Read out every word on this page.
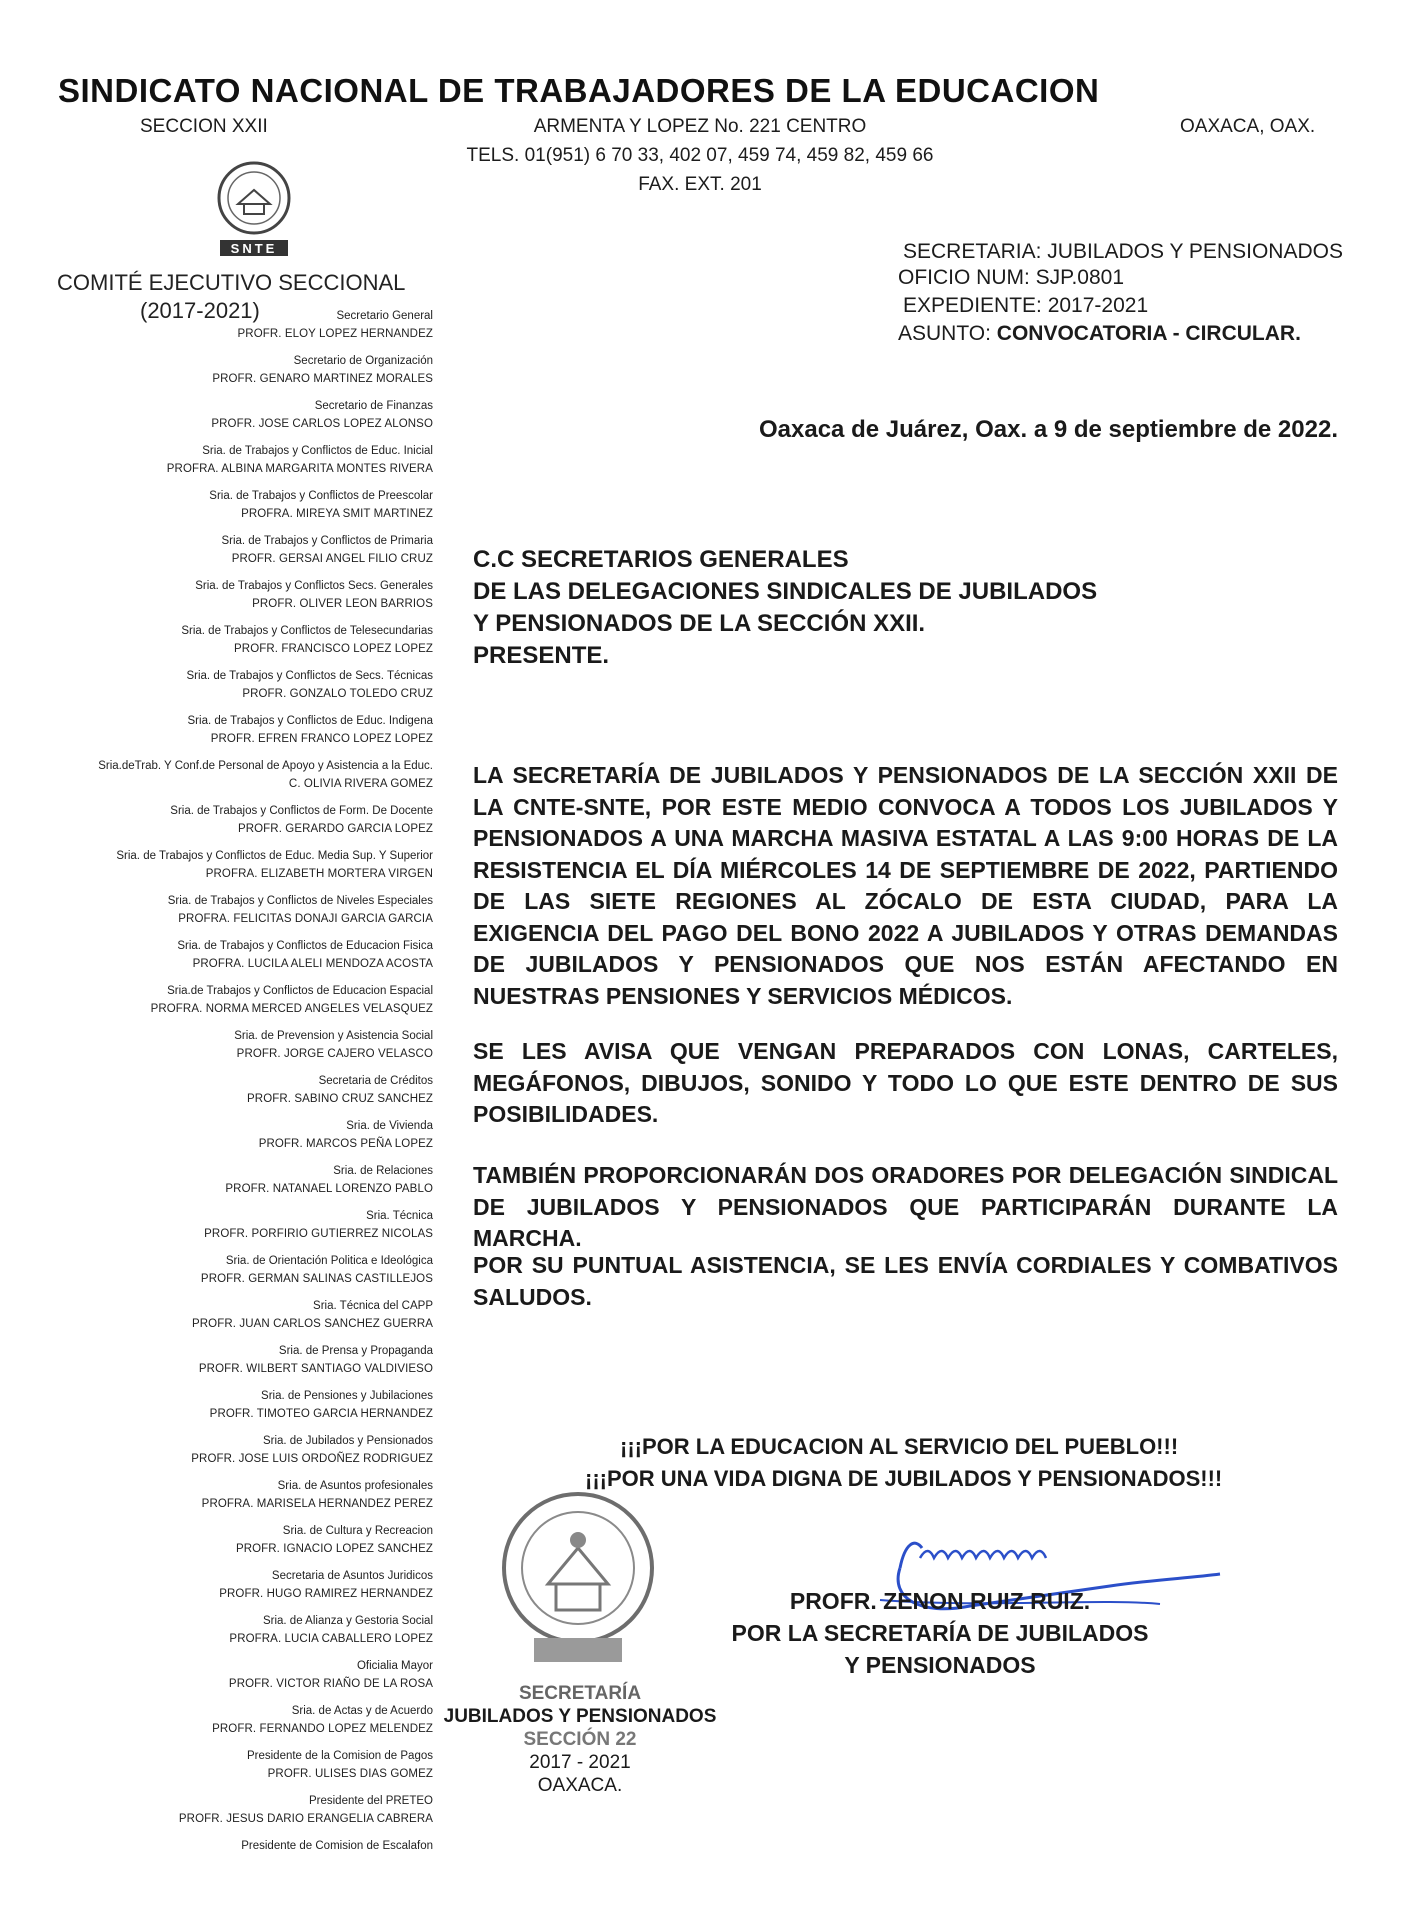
SINDICATO NACIONAL DE TRABAJADORES DE LA EDUCACION
SECCION XXII	ARMENTA Y LOPEZ No. 221 CENTRO
TELS. 01(951) 6 70 33, 402 07, 459 74, 459 82, 459 66
FAX. EXT. 201
OAXACA, OAX.
SNTE
COMITÉ EJECUTIVO SECCIONAL
(2017-2021)	Secretario General
PROFR. ELOY LOPEZ HERNANDEZ
Secretario de Organización
PROFR. GENARO MARTINEZ MORALES
Secretario de Finanzas
PROFR. JOSE CARLOS LOPEZ ALONSO
Sria. de Trabajos y Conflictos de Educ. Inicial
PROFRA. ALBINA MARGARITA MONTES RIVERA
Sria. de Trabajos y Conflictos de Preescolar
PROFRA. MIREYA SMIT MARTINEZ
Sria. de Trabajos y Conflictos de Primaria
PROFR. GERSAI ANGEL FILIO CRUZ
Sria. de Trabajos y Conflictos Secs. Generales
PROFR. OLIVER LEON BARRIOS
Sria. de Trabajos y Conflictos de Telesecundarias
PROFR. FRANCISCO LOPEZ LOPEZ
Sria. de Trabajos y Conflictos de Secs. Técnicas
PROFR. GONZALO TOLEDO CRUZ
Sria. de Trabajos y Conflictos de Educ. Indigena
PROFR. EFREN FRANCO LOPEZ LOPEZ
Sria.deTrab. Y Conf.de Personal de Apoyo y Asistencia a la Educ.
C. OLIVIA RIVERA GOMEZ
Sria. de Trabajos y Conflictos de Form. De Docente
PROFR. GERARDO GARCIA LOPEZ
Sria. de Trabajos y Conflictos de Educ. Media Sup. Y Superior
PROFRA. ELIZABETH MORTERA VIRGEN
Sria. de Trabajos y Conflictos de Niveles Especiales
PROFRA. FELICITAS DONAJI GARCIA GARCIA
Sria. de Trabajos y Conflictos de Educacion Fisica
PROFRA. LUCILA ALELI MENDOZA ACOSTA
Sria.de Trabajos y Conflictos de Educacion Espacial
PROFRA. NORMA MERCED ANGELES VELASQUEZ
Sria. de Prevension y Asistencia Social
PROFR. JORGE CAJERO VELASCO
Secretaria de Créditos
PROFR. SABINO CRUZ SANCHEZ
Sria. de Vivienda
PROFR. MARCOS PEÑA LOPEZ
Sria. de Relaciones
PROFR. NATANAEL LORENZO PABLO
Sria. Técnica
PROFR. PORFIRIO GUTIERREZ NICOLAS
Sria. de Orientación Politica e Ideológica
PROFR. GERMAN SALINAS CASTILLEJOS
Sria. Técnica del CAPP
PROFR. JUAN CARLOS SANCHEZ GUERRA
Sria. de Prensa y Propaganda
PROFR. WILBERT SANTIAGO VALDIVIESO
Sria. de Pensiones y Jubilaciones
PROFR. TIMOTEO GARCIA HERNANDEZ
Sria. de Jubilados y Pensionados
PROFR. JOSE LUIS ORDOÑEZ RODRIGUEZ
Sria. de Asuntos profesionales
PROFRA. MARISELA HERNANDEZ PEREZ
Sria. de Cultura y Recreacion
PROFR. IGNACIO LOPEZ SANCHEZ
Secretaria de Asuntos Juridicos
PROFR. HUGO RAMIREZ HERNANDEZ
Sria. de Alianza y Gestoria Social
PROFRA. LUCIA CABALLERO LOPEZ
Oficialia Mayor
PROFR. VICTOR RIAÑO DE LA ROSA
Sria. de Actas y de Acuerdo
PROFR. FERNANDO LOPEZ MELENDEZ
Presidente de la Comision de Pagos
PROFR. ULISES DIAS GOMEZ
Presidente del PRETEO
PROFR. JESUS DARIO ERANGELIA CABRERA
Presidente de Comision de Escalafon
SECRETARIA: JUBILADOS Y PENSIONADOS
OFICIO NUM: SJP.0801
EXPEDIENTE: 2017-2021
ASUNTO: CONVOCATORIA - CIRCULAR.
Oaxaca de Juárez, Oax. a 9 de septiembre de 2022.
C.C SECRETARIOS GENERALES
DE LAS DELEGACIONES SINDICALES DE JUBILADOS
Y PENSIONADOS DE LA SECCIÓN XXII.
PRESENTE.
LA SECRETARÍA DE JUBILADOS Y PENSIONADOS DE LA SECCIÓN XXII DE LA CNTE-SNTE, POR ESTE MEDIO CONVOCA A TODOS LOS JUBILADOS Y PENSIONADOS A UNA MARCHA MASIVA ESTATAL A LAS 9:00 HORAS DE LA RESISTENCIA EL DÍA MIÉRCOLES 14 DE SEPTIEMBRE DE 2022, PARTIENDO DE LAS SIETE REGIONES AL ZÓCALO DE ESTA CIUDAD, PARA LA EXIGENCIA DEL PAGO DEL BONO 2022 A JUBILADOS Y OTRAS DEMANDAS DE JUBILADOS Y PENSIONADOS QUE NOS ESTÁN AFECTANDO EN NUESTRAS PENSIONES Y SERVICIOS MÉDICOS.
SE LES AVISA QUE VENGAN PREPARADOS CON LONAS, CARTELES, MEGÁFONOS, DIBUJOS, SONIDO Y TODO LO QUE ESTE DENTRO DE SUS POSIBILIDADES.
TAMBIÉN PROPORCIONARÁN DOS ORADORES POR DELEGACIÓN SINDICAL DE JUBILADOS Y PENSIONADOS QUE PARTICIPARÁN DURANTE LA MARCHA.
POR SU PUNTUAL ASISTENCIA, SE LES ENVÍA CORDIALES Y COMBATIVOS SALUDOS.
¡¡¡POR LA EDUCACION AL SERVICIO DEL PUEBLO!!!
¡¡¡POR UNA VIDA DIGNA DE JUBILADOS Y PENSIONADOS!!!
PROFR. ZENON RUIZ RUIZ.
POR LA SECRETARÍA DE JUBILADOS
Y PENSIONADOS
SECRETARÍA
JUBILADOS Y PENSIONADOS
SECCIÓN 22
2017 - 2021
OAXACA.
